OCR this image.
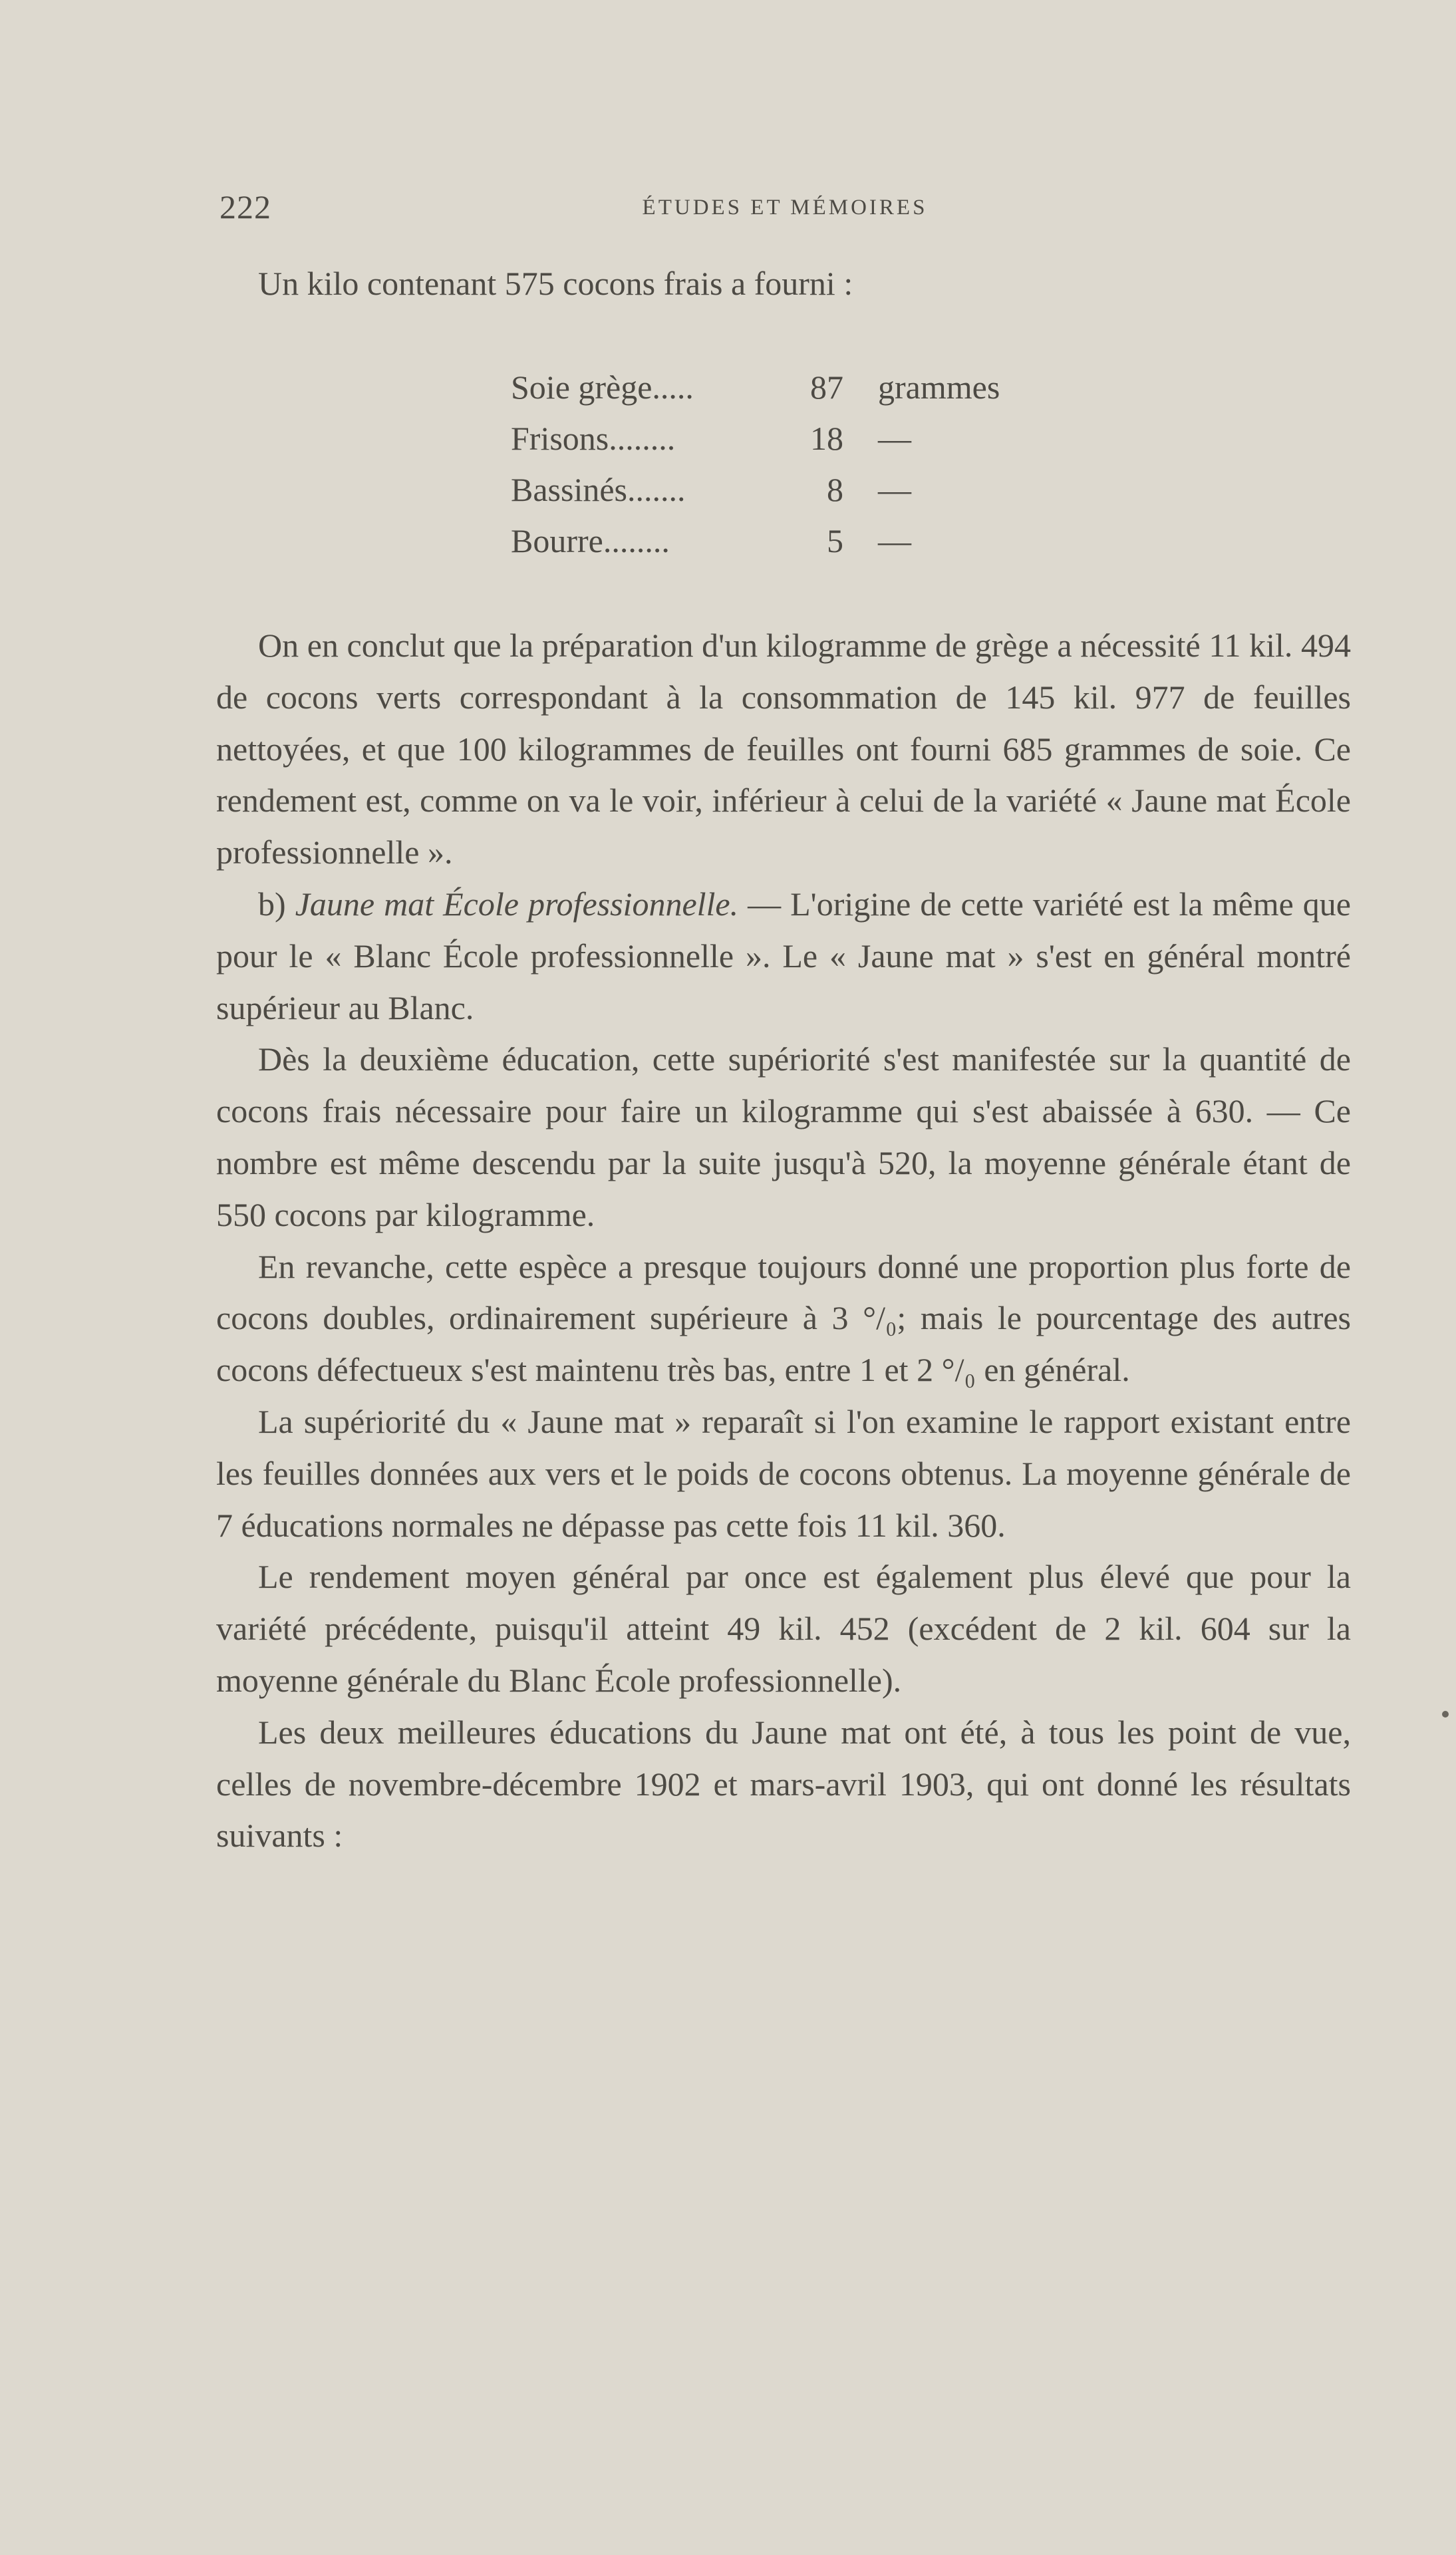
222	ÉTUDES ET MÉMOIRES
Un kilo contenant 575 cocons frais a fourni :
Soie grège.....	87 grammes
Frisons........	18 —
Bassinés.......	8 —
Bourre........	5 —

On en conclut que la préparation d'un kilogramme de grège a nécessité 11 kil. 494 de cocons verts correspondant à la consommation de 145 kil. 977 de feuilles nettoyées, et que 100 kilogrammes de feuilles ont fourni 685 grammes de soie. Ce rendement est, comme on va le voir, inférieur à celui de la variété « Jaune mat École professionnelle ».

b) Jaune mat École professionnelle. — L'origine de cette variété est la même que pour le « Blanc École professionnelle ». Le « Jaune mat » s'est en général montré supérieur au Blanc.

Dès la deuxième éducation, cette supériorité s'est manifestée sur la quantité de cocons frais nécessaire pour faire un kilogramme qui s'est abaissée à 630. — Ce nombre est même descendu par la suite jusqu'à 520, la moyenne générale étant de 550 cocons par kilogramme.

En revanche, cette espèce a presque toujours donné une proportion plus forte de cocons doubles, ordinairement supérieure à 3 °/₀; mais le pourcentage des autres cocons défectueux s'est maintenu très bas, entre 1 et 2 °/₀ en général.

La supériorité du « Jaune mat » reparaît si l'on examine le rapport existant entre les feuilles données aux vers et le poids de cocons obtenus. La moyenne générale de 7 éducations normales ne dépasse pas cette fois 11 kil. 360.

Le rendement moyen général par once est également plus élevé que pour la variété précédente, puisqu'il atteint 49 kil. 452 (excédent de 2 kil. 604 sur la moyenne générale du Blanc École professionnelle).

Les deux meilleures éducations du Jaune mat ont été, à tous les point de vue, celles de novembre-décembre 1902 et mars-avril 1903, qui ont donné les résultats suivants :
